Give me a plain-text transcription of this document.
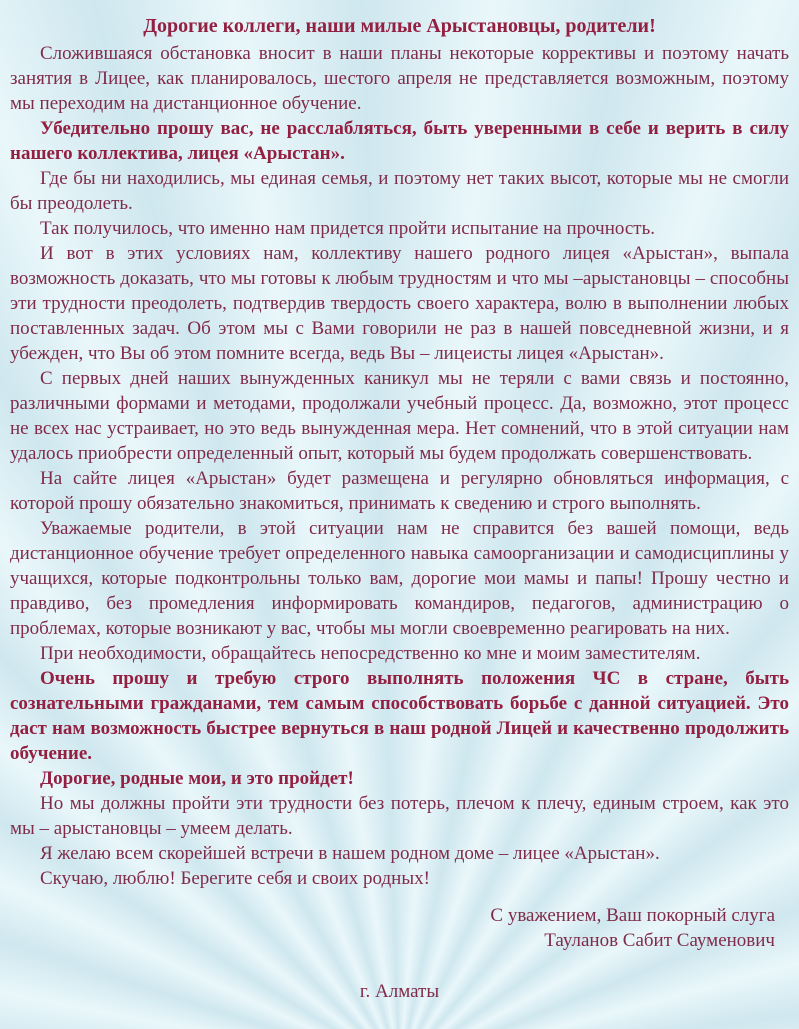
Дорогие коллеги, наши милые Арыстановцы, родители!

Сложившаяся обстановка вносит в наши планы некоторые коррективы и поэтому начать занятия в Лицее, как планировалось, шестого апреля не представляется возможным, поэтому мы переходим на дистанционное обучение.

Убедительно прошу вас, не расслабляться, быть уверенными в себе и верить в силу нашего коллектива, лицея «Арыстан».

Где бы ни находились, мы единая семья, и поэтому нет таких высот, которые мы не смогли бы преодолеть.

Так получилось, что именно нам придется пройти испытание на прочность.

И вот в этих условиях нам, коллективу нашего родного лицея «Арыстан», выпала возможность доказать, что мы готовы к любым трудностям и что мы –арыстановцы – способны эти трудности преодолеть, подтвердив твердость своего характера, волю в выполнении любых поставленных задач. Об этом мы с Вами говорили не раз в нашей повседневной жизни, и я убежден, что Вы об этом помните всегда, ведь Вы – лицеисты лицея «Арыстан».

С первых дней наших вынужденных каникул мы не теряли с вами связь и постоянно, различными формами и методами, продолжали учебный процесс. Да, возможно, этот процесс не всех нас устраивает, но это ведь вынужденная мера. Нет сомнений, что в этой ситуации нам удалось приобрести определенный опыт, который мы будем продолжать совершенствовать.

На сайте лицея «Арыстан» будет размещена и регулярно обновляться информация, с которой прошу обязательно знакомиться, принимать к сведению и строго выполнять.

Уважаемые родители, в этой ситуации нам не справится без вашей помощи, ведь дистанционное обучение требует определенного навыка самоорганизации и самодисциплины у учащихся, которые подконтрольны только вам, дорогие мои мамы и папы! Прошу честно и правдиво, без промедления информировать командиров, педагогов, администрацию о проблемах, которые возникают у вас, чтобы мы могли своевременно реагировать на них.

При необходимости, обращайтесь непосредственно ко мне и моим заместителям.

Очень прошу и требую строго выполнять положения ЧС в стране, быть сознательными гражданами, тем самым способствовать борьбе с данной ситуацией. Это даст нам возможность быстрее вернуться в наш родной Лицей и качественно продолжить обучение.

Дорогие, родные мои, и это пройдет!

Но мы должны пройти эти трудности без потерь, плечом к плечу, единым строем, как это мы – арыстановцы – умеем делать.

Я желаю всем скорейшей встречи в нашем родном доме – лицее «Арыстан».

Скучаю, люблю! Берегите себя и своих родных!

С уважением, Ваш покорный слуга

Тауланов Сабит Сауменович

г. Алматы
